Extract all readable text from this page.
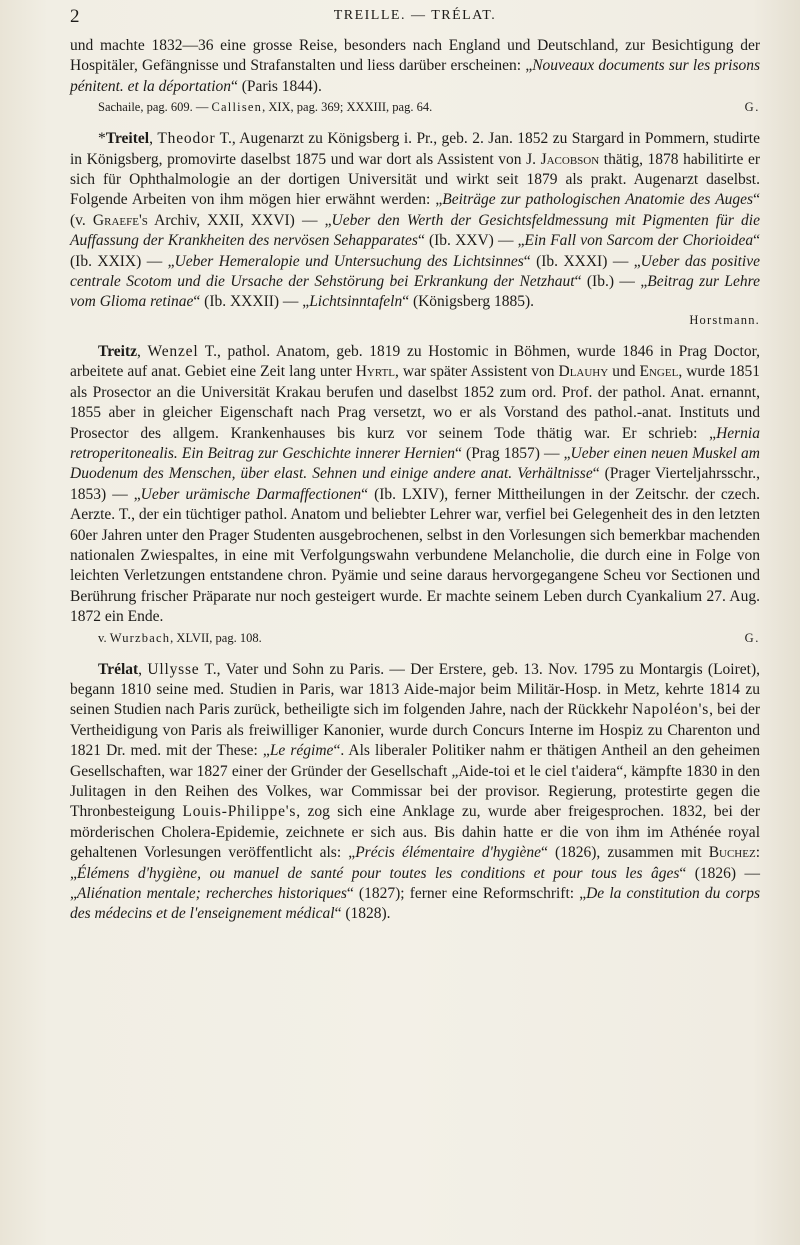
2	TREILLE. — TRÉLAT.

und machte 1832—36 eine grosse Reise, besonders nach England und Deutschland, zur Besichtigung der Hospitäler, Gefängnisse und Strafanstalten und liess darüber erscheinen: „Nouveaux documents sur les prisons pénitent. et la déportation“ (Paris 1844).

Sachaile, pag. 609. — Callisen, XIX, pag. 369; XXXIII, pag. 64.	G.

*Treitel, Theodor T., Augenarzt zu Königsberg i. Pr., geb. 2. Jan. 1852 zu Stargard in Pommern, studirte in Königsberg, promovirte daselbst 1875 und war dort als Assistent von J. Jacobson thätig, 1878 habilitirte er sich für Ophthalmologie an der dortigen Universität und wirkt seit 1879 als prakt. Augenarzt daselbst. Folgende Arbeiten von ihm mögen hier erwähnt werden: „Beiträge zur pathologischen Anatomie des Auges“ (v. Graefe's Archiv, XXII, XXVI) — „Ueber den Werth der Gesichtsfeldmessung mit Pigmenten für die Auffassung der Krankheiten des nervösen Sehapparates“ (Ib. XXV) — „Ein Fall von Sarcom der Chorioidea“ (Ib. XXIX) — „Ueber Hemeralopie und Untersuchung des Lichtsinnes“ (Ib. XXXI) — „Ueber das positive centrale Scotom und die Ursache der Sehstörung bei Erkrankung der Netzhaut“ (Ib.) — „Beitrag zur Lehre vom Glioma retinae“ (Ib. XXXII) — „Lichtsinntafeln“ (Königsberg 1885).

Horstmann.

Treitz, Wenzel T., pathol. Anatom, geb. 1819 zu Hostomic in Böhmen, wurde 1846 in Prag Doctor, arbeitete auf anat. Gebiet eine Zeit lang unter Hyrtl, war später Assistent von Dlauhy und Engel, wurde 1851 als Prosector an die Universität Krakau berufen und daselbst 1852 zum ord. Prof. der pathol. Anat. ernannt, 1855 aber in gleicher Eigenschaft nach Prag versetzt, wo er als Vorstand des pathol.-anat. Instituts und Prosector des allgem. Krankenhauses bis kurz vor seinem Tode thätig war. Er schrieb: „Hernia retroperitonealis. Ein Beitrag zur Geschichte innerer Hernien“ (Prag 1857) — „Ueber einen neuen Muskel am Duodenum des Menschen, über elast. Sehnen und einige andere anat. Verhältnisse“ (Prager Vierteljahrsschr., 1853) — „Ueber urämische Darmaffectionen“ (Ib. LXIV), ferner Mittheilungen in der Zeitschr. der czech. Aerzte. T., der ein tüchtiger pathol. Anatom und beliebter Lehrer war, verfiel bei Gelegenheit des in den letzten 60er Jahren unter den Prager Studenten ausgebrochenen, selbst in den Vorlesungen sich bemerkbar machenden nationalen Zwiespaltes, in eine mit Verfolgungswahn verbundene Melancholie, die durch eine in Folge von leichten Verletzungen entstandene chron. Pyämie und seine daraus hervorgegangene Scheu vor Sectionen und Berührung frischer Präparate nur noch gesteigert wurde. Er machte seinem Leben durch Cyankalium 27. Aug. 1872 ein Ende.

v. Wurzbach, XLVII, pag. 108.	G.

Trélat, Ullysse T., Vater und Sohn zu Paris. — Der Erstere, geb. 13. Nov. 1795 zu Montargis (Loiret), begann 1810 seine med. Studien in Paris, war 1813 Aide-major beim Militär-Hosp. in Metz, kehrte 1814 zu seinen Studien nach Paris zurück, betheiligte sich im folgenden Jahre, nach der Rückkehr Napoléon's, bei der Vertheidigung von Paris als freiwilliger Kanonier, wurde durch Concurs Interne im Hospiz zu Charenton und 1821 Dr. med. mit der These: „Le régime“. Als liberaler Politiker nahm er thätigen Antheil an den geheimen Gesellschaften, war 1827 einer der Gründer der Gesellschaft „Aide-toi et le ciel t'aidera“, kämpfte 1830 in den Julitagen in den Reihen des Volkes, war Commissar bei der provisor. Regierung, protestirte gegen die Thronbesteigung Louis-Philippe's, zog sich eine Anklage zu, wurde aber freigesprochen. 1832, bei der mörderischen Cholera-Epidemie, zeichnete er sich aus. Bis dahin hatte er die von ihm im Athénée royal gehaltenen Vorlesungen veröffentlicht als: „Précis élémentaire d'hygiène“ (1826), zusammen mit Buchez: „Élémens d'hygiène, ou manuel de santé pour toutes les conditions et pour tous les âges“ (1826) — „Aliénation mentale; recherches historiques“ (1827); ferner eine Reformschrift: „De la constitution du corps des médecins et de l'enseignement médical“ (1828).
